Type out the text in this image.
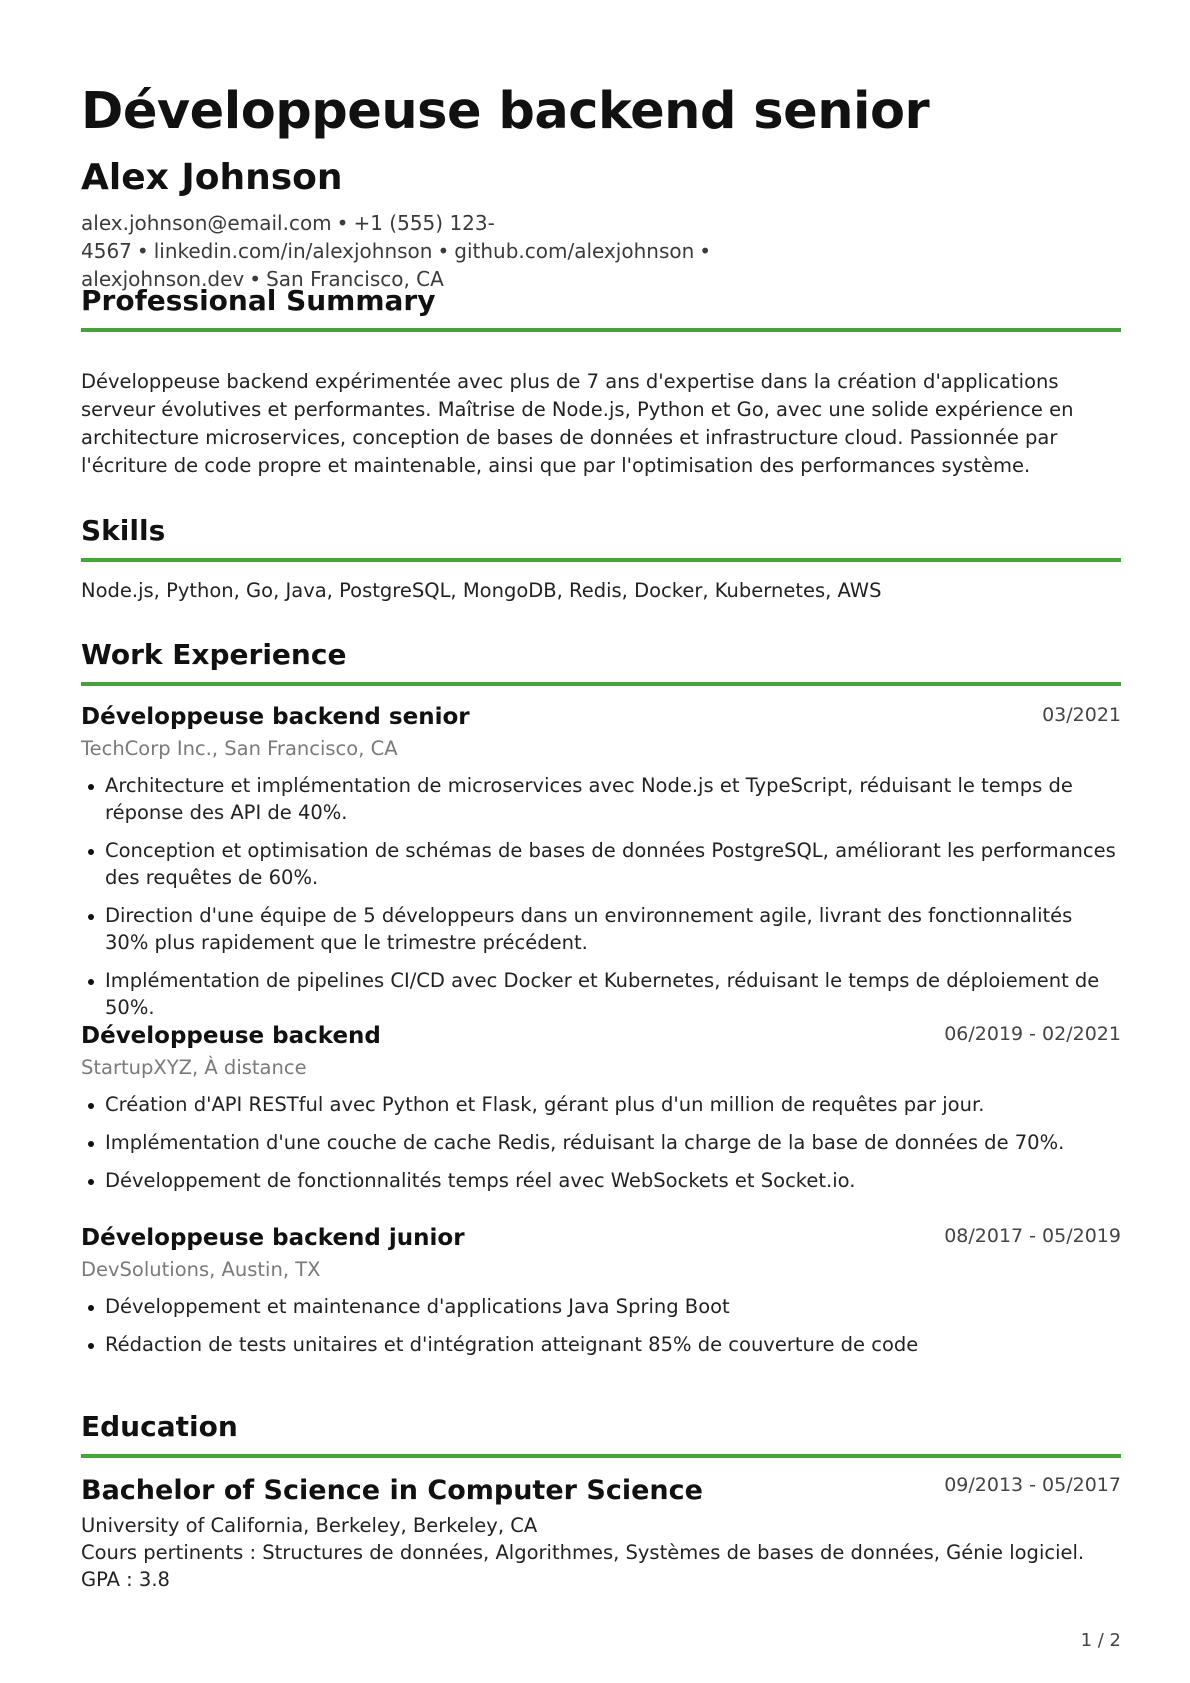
Développeuse backend senior
Alex Johnson
alex.johnson@email.com • +1 (555) 123-4567 • linkedin.com/in/alexjohnson • github.com/alexjohnson •
alexjohnson.dev • San Francisco, CA
Professional Summary
Développeuse backend expérimentée avec plus de 7 ans d'expertise dans la création d'applications serveur évolutives et performantes. Maîtrise de Node.js, Python et Go, avec une solide expérience en architecture microservices, conception de bases de données et infrastructure cloud. Passionnée par l'écriture de code propre et maintenable, ainsi que par l'optimisation des performances système.
Skills
Node.js, Python, Go, Java, PostgreSQL, MongoDB, Redis, Docker, Kubernetes, AWS
Work Experience
Développeuse backend senior	03/2021
TechCorp Inc., San Francisco, CA
Architecture et implémentation de microservices avec Node.js et TypeScript, réduisant le temps de réponse des API de 40%.
Conception et optimisation de schémas de bases de données PostgreSQL, améliorant les performances des requêtes de 60%.
Direction d'une équipe de 5 développeurs dans un environnement agile, livrant des fonctionnalités 30% plus rapidement que le trimestre précédent.
Implémentation de pipelines CI/CD avec Docker et Kubernetes, réduisant le temps de déploiement de 50%.
Développeuse backend	06/2019 - 02/2021
StartupXYZ, À distance
Création d'API RESTful avec Python et Flask, gérant plus d'un million de requêtes par jour.
Implémentation d'une couche de cache Redis, réduisant la charge de la base de données de 70%.
Développement de fonctionnalités temps réel avec WebSockets et Socket.io.
Développeuse backend junior	08/2017 - 05/2019
DevSolutions, Austin, TX
Développement et maintenance d'applications Java Spring Boot
Rédaction de tests unitaires et d'intégration atteignant 85% de couverture de code
Education
Bachelor of Science in Computer Science	09/2013 - 05/2017
University of California, Berkeley, Berkeley, CA
Cours pertinents : Structures de données, Algorithmes, Systèmes de bases de données, Génie logiciel. GPA : 3.8
1 / 2
